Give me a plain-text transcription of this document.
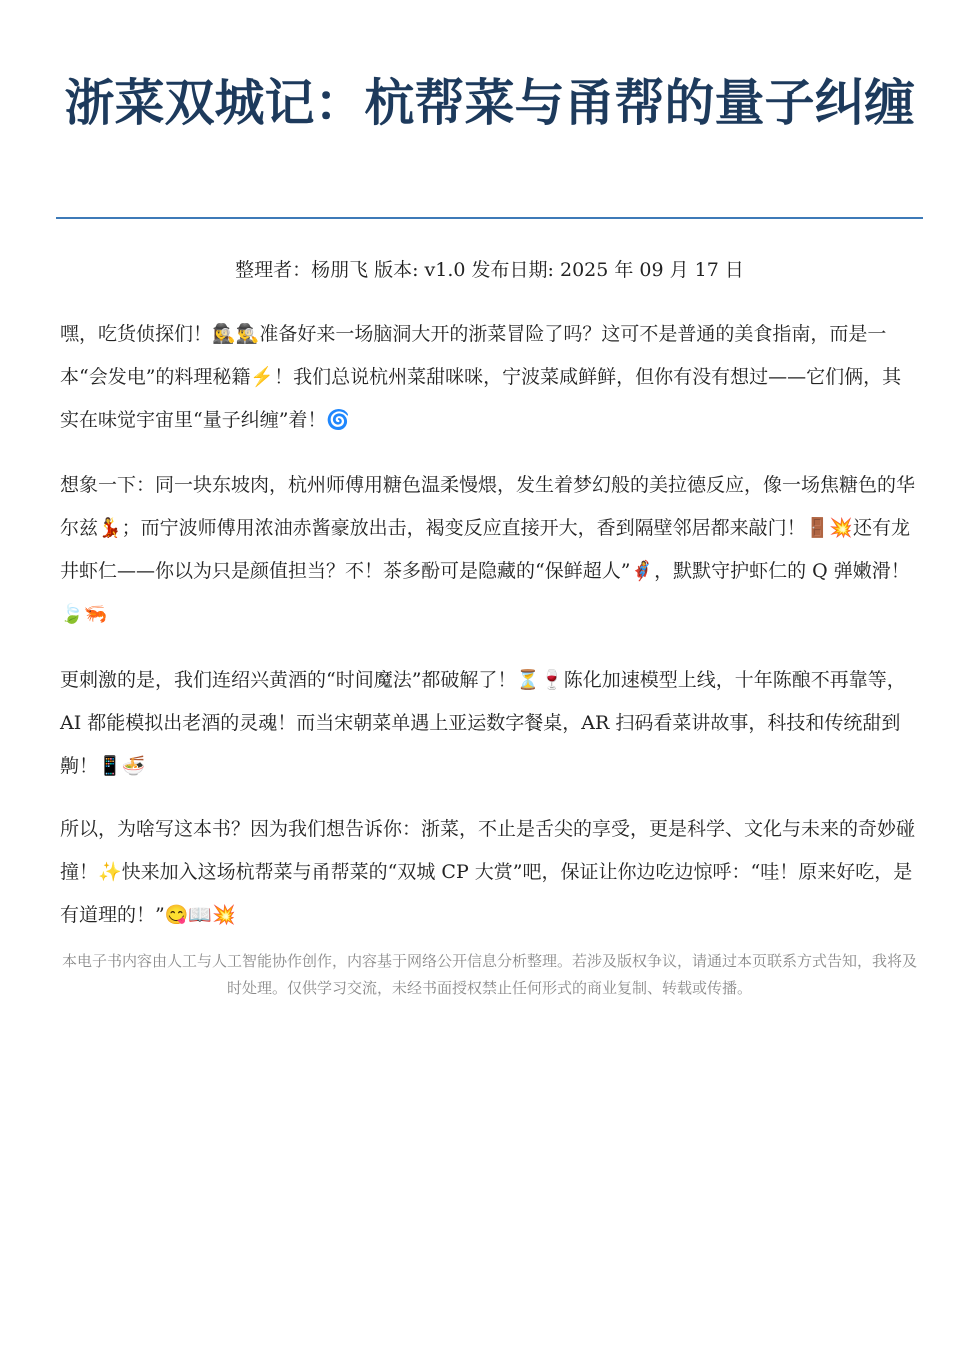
浙菜双城记：杭帮菜与甬帮的量子纠缠
整理者：杨朋飞 版本: v1.0 发布日期: 2025 年 09 月 17 日

嘿，吃货侦探们！🕵️‍♀️🕵️‍♂️准备好来一场脑洞大开的浙菜冒险了吗？这可不是普通的美食指南，而是一本“会发电”的料理秘籍⚡！我们总说杭州菜甜咪咪，宁波菜咸鲜鲜，但你有没有想过——它们俩，其实在味觉宇宙里“量子纠缠”着！🌀

想象一下：同一块东坡肉，杭州师傅用糖色温柔慢煨，发生着梦幻般的美拉德反应，像一场焦糖色的华尔兹💃；而宁波师傅用浓油赤酱豪放出击，褐变反应直接开大，香到隔壁邻居都来敲门！🚪💥还有龙井虾仁——你以为只是颜值担当？不！茶多酚可是隐藏的“保鲜超人”🦸‍♀️，默默守护虾仁的 Q 弹嫩滑！🍃🦐

更刺激的是，我们连绍兴黄酒的“时间魔法”都破解了！⏳🍷陈化加速模型上线，十年陈酿不再靠等，AI 都能模拟出老酒的灵魂！而当宋朝菜单遇上亚运数字餐桌，AR 扫码看菜讲故事，科技和传统甜到齁！📱🍜

所以，为啥写这本书？因为我们想告诉你：浙菜，不止是舌尖的享受，更是科学、文化与未来的奇妙碰撞！✨快来加入这场杭帮菜与甬帮菜的“双城 CP 大赏”吧，保证让你边吃边惊呼：“哇！原来好吃，是有道理的！”😋📖💥

本电子书内容由人工与人工智能协作创作，内容基于网络公开信息分析整理。若涉及版权争议，请通过本页联系方式告知，我将及时处理。仅供学习交流，未经书面授权禁止任何形式的商业复制、转载或传播。
